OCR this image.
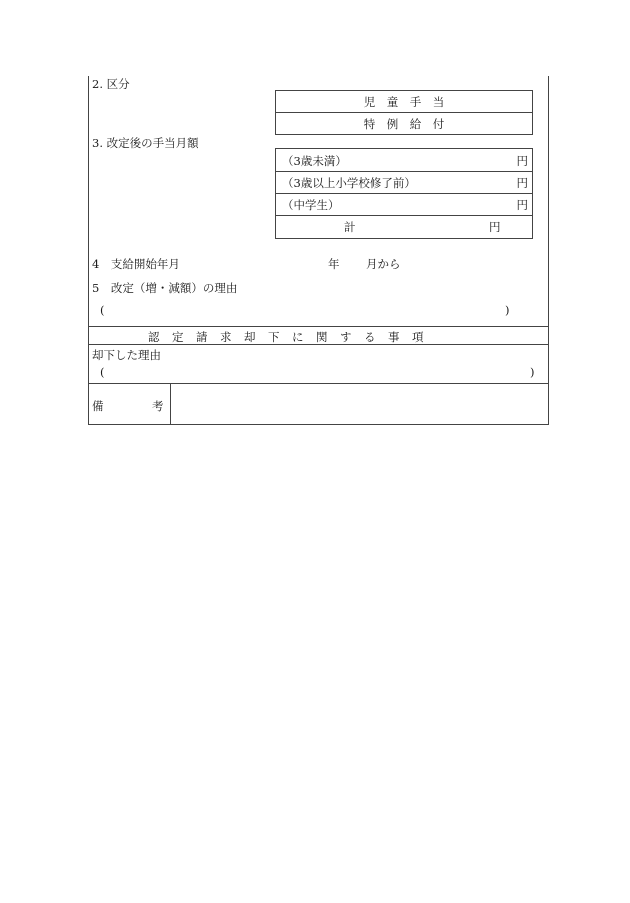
2. 区分
児　童　手　当
特　例　給　付
3. 改定後の手当月額
（3歳未満）	円
（3歳以上小学校修了前）	円
（中学生）	円
計	円
4　支給開始年月	年 月から
5　改定（増・減額）の理由
(	)
認　定　請　求　却　下　に　関　す　る　事　項
却下した理由
(	)
備	考
